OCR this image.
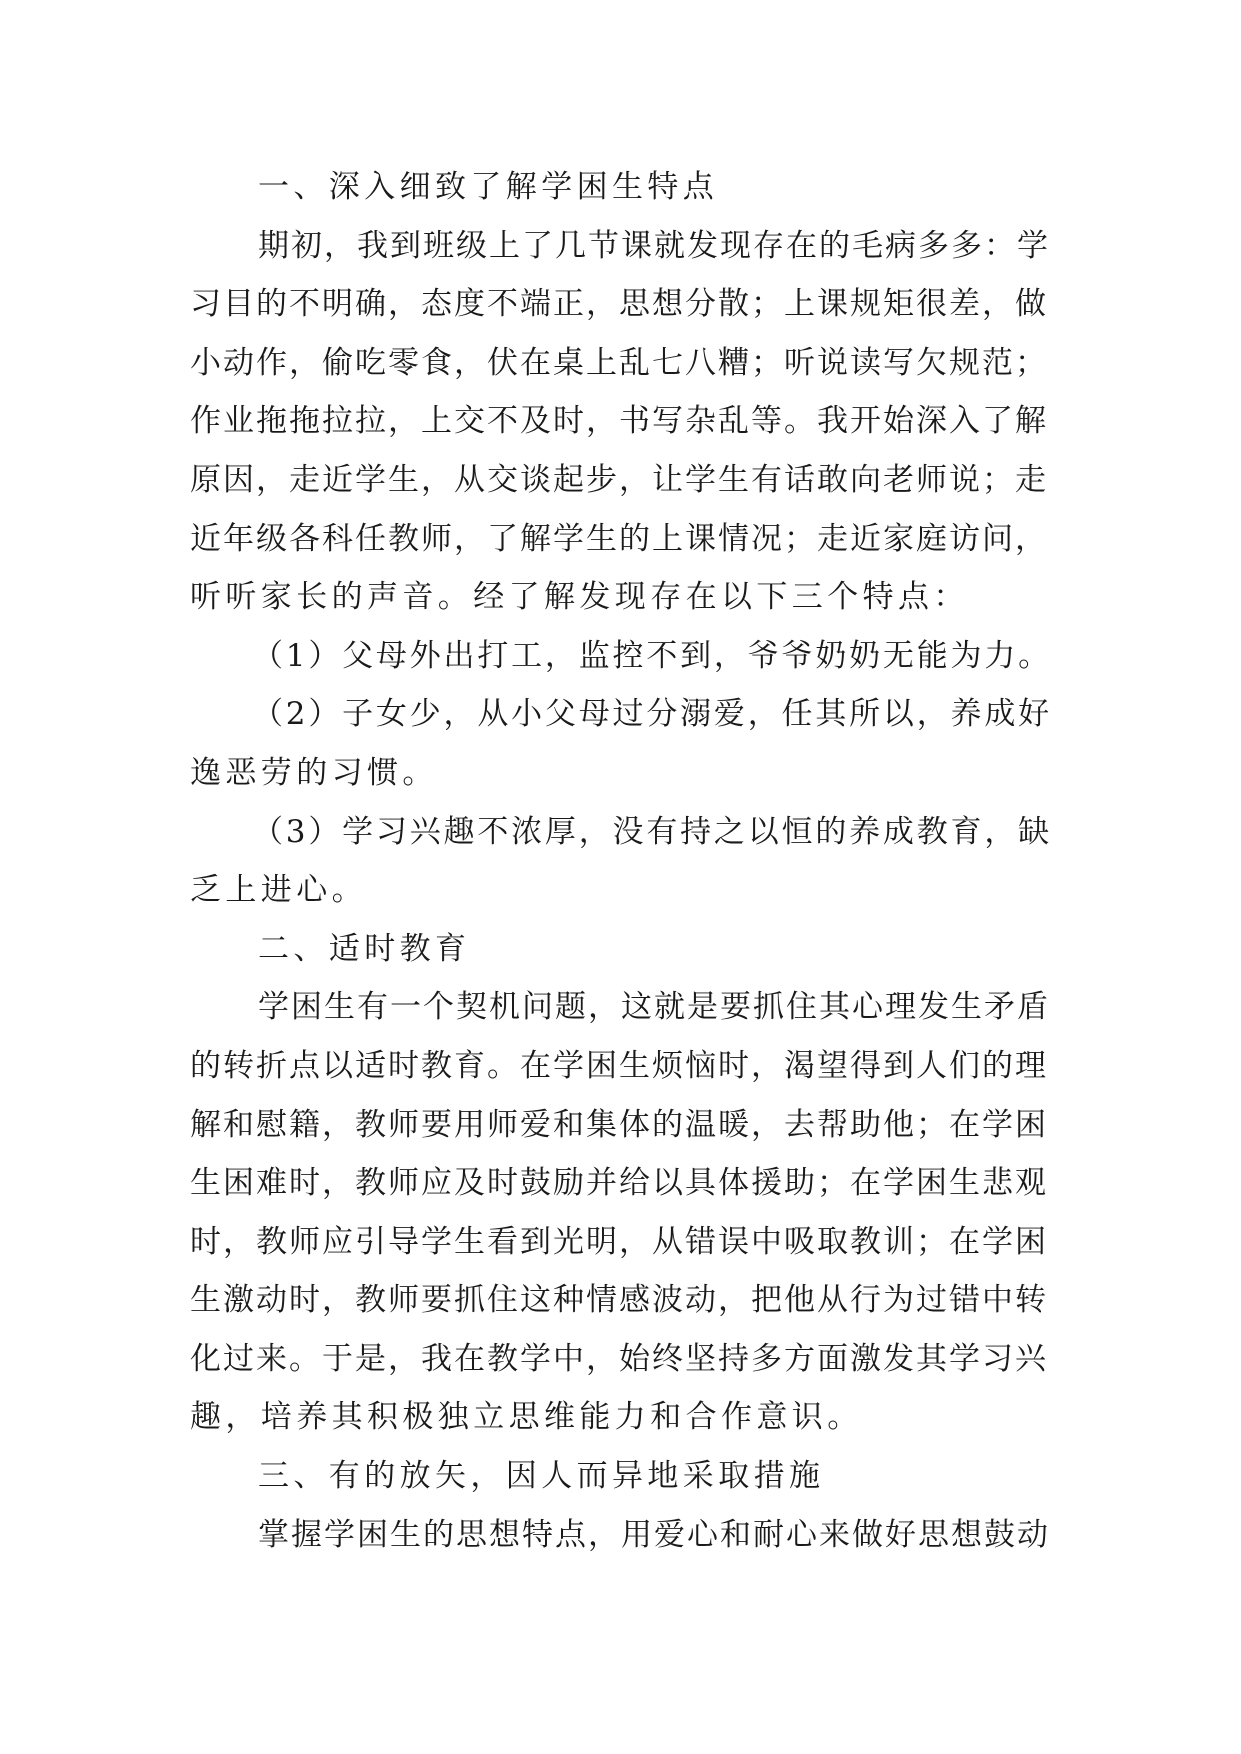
一、深入细致了解学困生特点
期初，我到班级上了几节课就发现存在的毛病多多：学
习目的不明确，态度不端正，思想分散；上课规矩很差，做
小动作，偷吃零食，伏在桌上乱七八糟；听说读写欠规范；
作业拖拖拉拉，上交不及时，书写杂乱等。我开始深入了解
原因，走近学生，从交谈起步，让学生有话敢向老师说；走
近年级各科任教师，了解学生的上课情况；走近家庭访问，
听听家长的声音。经了解发现存在以下三个特点：
（1）父母外出打工，监控不到，爷爷奶奶无能为力。
（2）子女少，从小父母过分溺爱，任其所以，养成好
逸恶劳的习惯。
（3）学习兴趣不浓厚，没有持之以恒的养成教育，缺
乏上进心。
二、适时教育
学困生有一个契机问题，这就是要抓住其心理发生矛盾
的转折点以适时教育。在学困生烦恼时，渴望得到人们的理
解和慰籍，教师要用师爱和集体的温暖，去帮助他；在学困
生困难时，教师应及时鼓励并给以具体援助；在学困生悲观
时，教师应引导学生看到光明，从错误中吸取教训；在学困
生激动时，教师要抓住这种情感波动，把他从行为过错中转
化过来。于是，我在教学中，始终坚持多方面激发其学习兴
趣，培养其积极独立思维能力和合作意识。
三、有的放矢，因人而异地采取措施
掌握学困生的思想特点，用爱心和耐心来做好思想鼓动
